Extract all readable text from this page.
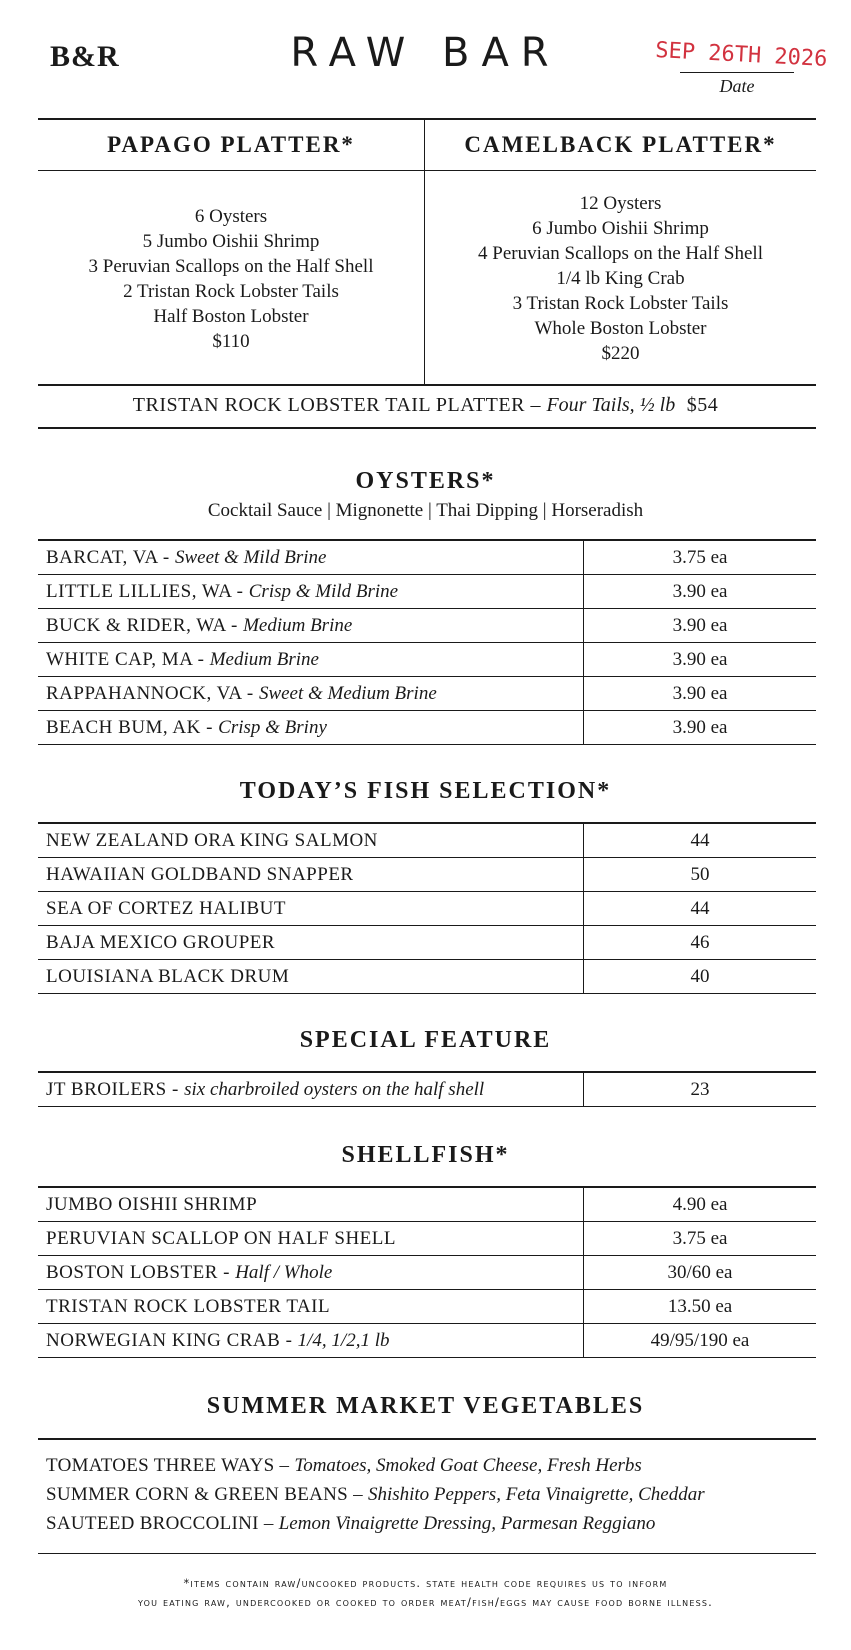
B&R	RAW BAR	SEP 26TH 2026
Date
PAPAGO PLATTER*	CAMELBACK PLATTER*
6 Oysters
5 Jumbo Oishii Shrimp
3 Peruvian Scallops on the Half Shell
2 Tristan Rock Lobster Tails
Half Boston Lobster
$110
12 Oysters
6 Jumbo Oishii Shrimp
4 Peruvian Scallops on the Half Shell
1/4 lb King Crab
3 Tristan Rock Lobster Tails
Whole Boston Lobster
$220
TRISTAN ROCK LOBSTER TAIL PLATTER – Four Tails, ½ lb $54
OYSTERS*
Cocktail Sauce | Mignonette | Thai Dipping | Horseradish
BARCAT, VA - Sweet & Mild Brine	3.75 ea
LITTLE LILLIES, WA - Crisp & Mild Brine	3.90 ea
BUCK & RIDER, WA - Medium Brine	3.90 ea
WHITE CAP, MA - Medium Brine	3.90 ea
RAPPAHANNOCK, VA - Sweet & Medium Brine	3.90 ea
BEACH BUM, AK - Crisp & Briny	3.90 ea
TODAY’S FISH SELECTION*
NEW ZEALAND ORA KING SALMON	44
HAWAIIAN GOLDBAND SNAPPER	50
SEA OF CORTEZ HALIBUT	44
BAJA MEXICO GROUPER	46
LOUISIANA BLACK DRUM	40
SPECIAL FEATURE
JT BROILERS - six charbroiled oysters on the half shell	23
SHELLFISH*
JUMBO OISHII SHRIMP	4.90 ea
PERUVIAN SCALLOP ON HALF SHELL	3.75 ea
BOSTON LOBSTER - Half / Whole	30/60 ea
TRISTAN ROCK LOBSTER TAIL	13.50 ea
NORWEGIAN KING CRAB - 1/4, 1/2,1 lb	49/95/190 ea
SUMMER MARKET VEGETABLES
TOMATOES THREE WAYS – Tomatoes, Smoked Goat Cheese, Fresh Herbs
SUMMER CORN & GREEN BEANS – Shishito Peppers, Feta Vinaigrette, Cheddar
SAUTEED BROCCOLINI – Lemon Vinaigrette Dressing, Parmesan Reggiano
*items contain raw/uncooked products. state health code requires us to inform
you eating raw, undercooked or cooked to order meat/fish/eggs may cause food borne illness.
